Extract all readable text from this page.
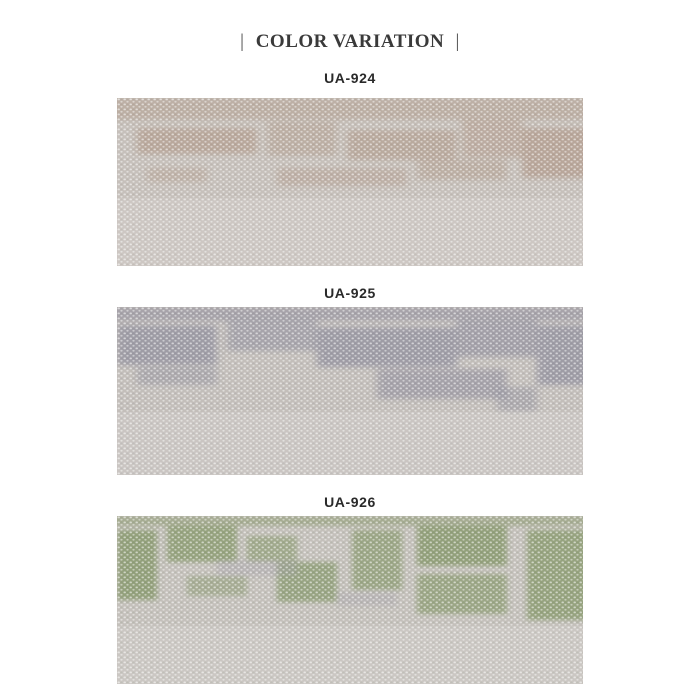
| COLOR VARIATION |
UA-924
UA-925
UA-926
